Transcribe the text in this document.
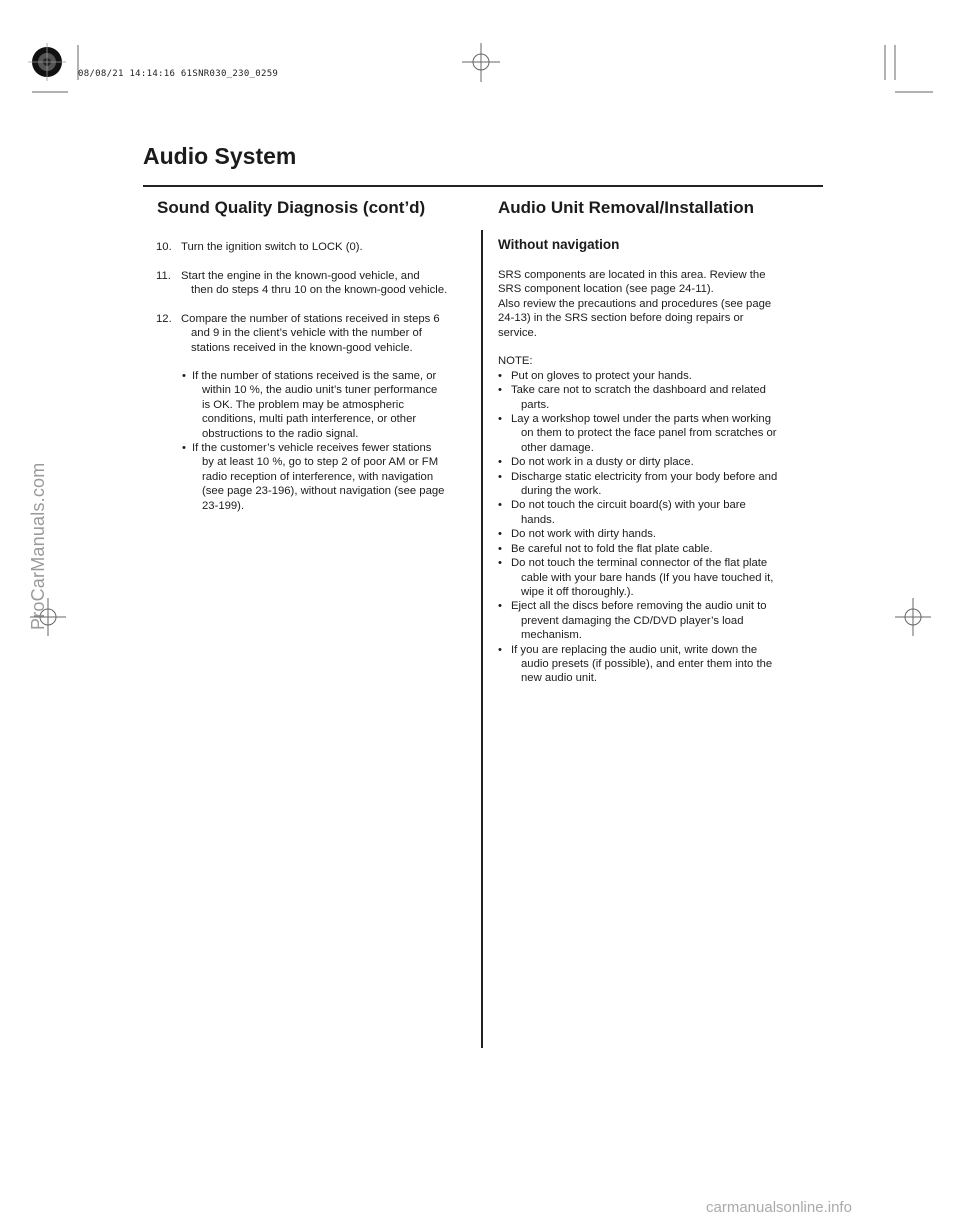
08/08/21 14:14:16 61SNR030_230_0259
Audio System
Sound Quality Diagnosis (cont’d)	Audio Unit Removal/Installation
10. Turn the ignition switch to LOCK (0).
11. Start the engine in the known-good vehicle, and
then do steps 4 thru 10 on the known-good vehicle.
12. Compare the number of stations received in steps 6
and 9 in the client’s vehicle with the number of
stations received in the known-good vehicle.
• If the number of stations received is the same, or
within 10 %, the audio unit’s tuner performance
is OK. The problem may be atmospheric
conditions, multi path interference, or other
obstructions to the radio signal.
• If the customer’s vehicle receives fewer stations
by at least 10 %, go to step 2 of poor AM or FM
radio reception of interference, with navigation
(see page 23-196), without navigation (see page
23-199).
Without navigation

SRS components are located in this area. Review the
SRS component location (see page 24-11).
Also review the precautions and procedures (see page
24-13) in the SRS section before doing repairs or
service.

NOTE:
• Put on gloves to protect your hands.
• Take care not to scratch the dashboard and related
parts.
• Lay a workshop towel under the parts when working
on them to protect the face panel from scratches or
other damage.
• Do not work in a dusty or dirty place.
• Discharge static electricity from your body before and
during the work.
• Do not touch the circuit board(s) with your bare
hands.
• Do not work with dirty hands.
• Be careful not to fold the flat plate cable.
• Do not touch the terminal connector of the flat plate
cable with your bare hands (If you have touched it,
wipe it off thoroughly.).
• Eject all the discs before removing the audio unit to
prevent damaging the CD/DVD player’s load
mechanism.
• If you are replacing the audio unit, write down the
audio presets (if possible), and enter them into the
new audio unit.
ProCarManuals.com
carmanualsonline.info
